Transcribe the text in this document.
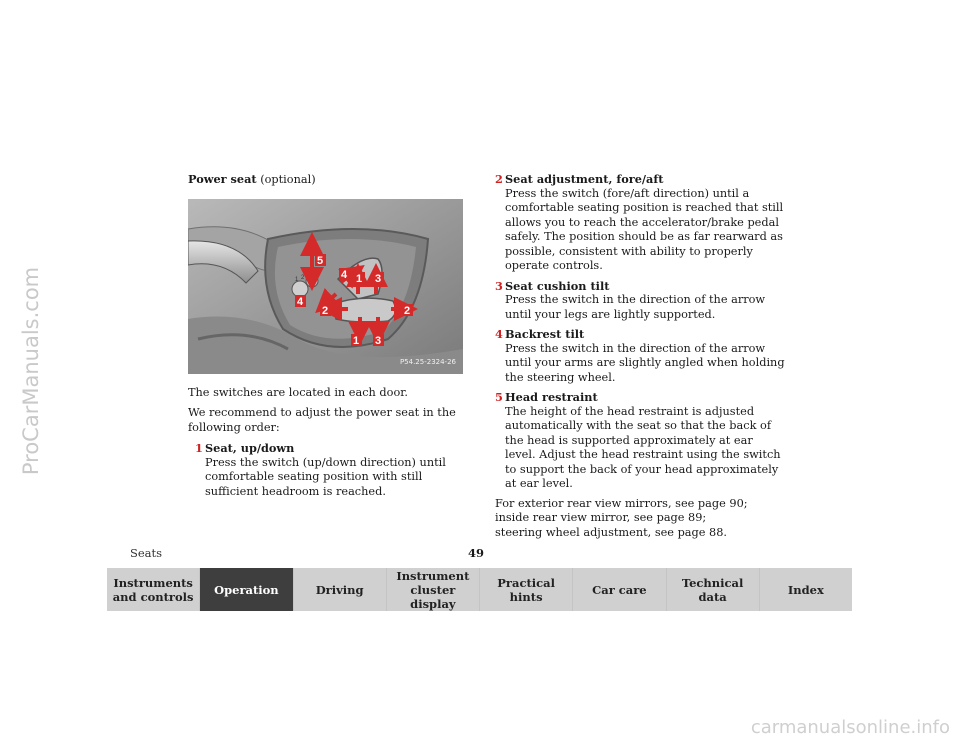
ProCarManuals.com
Power seat (optional)
5
4 1 3
4
2	2
1 3
1 2
P54.25-2324-26

The switches are located in each door.

We recommend to adjust the power seat in the following order:

1 Seat, up/down
Press the switch (up/down direction) until comfortable seating position with still sufficient headroom is reached.
2 Seat adjustment, fore/aft
Press the switch (fore/aft direction) until a comfortable seating position is reached that still allows you to reach the accelerator/brake pedal safely. The position should be as far rearward as possible, consistent with ability to properly operate controls.
3 Seat cushion tilt
Press the switch in the direction of the arrow until your legs are lightly supported.
4 Backrest tilt
Press the switch in the direction of the arrow until your arms are slightly angled when holding the steering wheel.
5 Head restraint
The height of the head restraint is adjusted automatically with the seat so that the back of the head is supported approximately at ear level. Adjust the head restraint using the switch to support the back of your head approximately at ear level.
For exterior rear view mirrors, see page 90;
inside rear view mirror, see page 89;
steering wheel adjustment, see page 88.
Seats	49
Instruments
and controls Operation	Driving
Instrument
cluster display
Practical hints	Car care	Technical
data	Index
carmanualsonline.info
